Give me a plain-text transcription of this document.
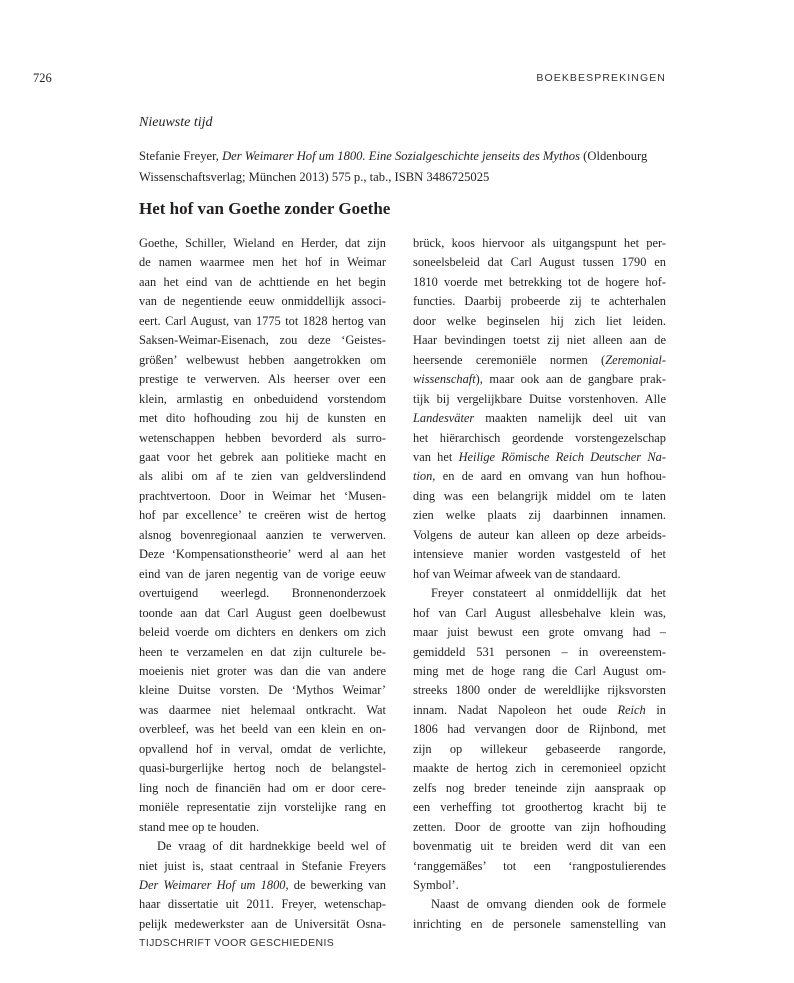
726	BOEKBESPREKINGEN
Nieuwste tijd
Stefanie Freyer, Der Weimarer Hof um 1800. Eine Sozialgeschichte jenseits des Mythos (Oldenbourg
Wissenschaftsverlag; München 2013) 575 p., tab., ISBN 3486725025
Het hof van Goethe zonder Goethe

Goethe, Schiller, Wieland en Herder, dat zijn
de namen waarmee men het hof in Weimar
aan het eind van de achttiende en het begin
van de negentiende eeuw onmiddellijk associ-
eert. Carl August, van 1775 tot 1828 hertog van
Saksen-Weimar-Eisenach, zou deze ‘Geistes-
größen’ welbewust hebben aangetrokken om
prestige te verwerven. Als heerser over een
klein, armlastig en onbeduidend vorstendom
met dito hofhouding zou hij de kunsten en
wetenschappen hebben bevorderd als surro-
gaat voor het gebrek aan politieke macht en
als alibi om af te zien van geldverslindend
prachtvertoon. Door in Weimar het ‘Musen-
hof par excellence’ te creëren wist de hertog
alsnog bovenregionaal aanzien te verwerven.
Deze ‘Kompensationstheorie’ werd al aan het
eind van de jaren negentig van de vorige eeuw
overtuigend weerlegd. Bronnenonderzoek
toonde aan dat Carl August geen doelbewust
beleid voerde om dichters en denkers om zich
heen te verzamelen en dat zijn culturele be-
moeienis niet groter was dan die van andere
kleine Duitse vorsten. De ‘Mythos Weimar’
was daarmee niet helemaal ontkracht. Wat
overbleef, was het beeld van een klein en on-
opvallend hof in verval, omdat de verlichte,
quasi-burgerlijke hertog noch de belangstel-
ling noch de financiën had om er door cere-
moniële representatie zijn vorstelijke rang en
stand mee op te houden.

De vraag of dit hardnekkige beeld wel of
niet juist is, staat centraal in Stefanie Freyers
Der Weimarer Hof um 1800, de bewerking van
haar dissertatie uit 2011. Freyer, wetenschap-
pelijk medewerkster aan de Universität Osna-

brück, koos hiervoor als uitgangspunt het per-
soneelsbeleid dat Carl August tussen 1790 en
1810 voerde met betrekking tot de hogere hof-
functies. Daarbij probeerde zij te achterhalen
door welke beginselen hij zich liet leiden.
Haar bevindingen toetst zij niet alleen aan de
heersende ceremoniële normen (Zeremonial-
wissenschaft), maar ook aan de gangbare prak-
tijk bij vergelijkbare Duitse vorstenhoven. Alle
Landesväter maakten namelijk deel uit van
het hiërarchisch geordende vorstengezelschap
van het Heilige Römische Reich Deutscher Na-
tion, en de aard en omvang van hun hofhou-
ding was een belangrijk middel om te laten
zien welke plaats zij daarbinnen innamen.
Volgens de auteur kan alleen op deze arbeids-
intensieve manier worden vastgesteld of het
hof van Weimar afweek van de standaard.

Freyer constateert al onmiddellijk dat het
hof van Carl August allesbehalve klein was,
maar juist bewust een grote omvang had –
gemiddeld 531 personen – in overeenstem-
ming met de hoge rang die Carl August om-
streeks 1800 onder de wereldlijke rijksvorsten
innam. Nadat Napoleon het oude Reich in
1806 had vervangen door de Rijnbond, met
zijn op willekeur gebaseerde rangorde,
maakte de hertog zich in ceremonieel opzicht
zelfs nog breder teneinde zijn aanspraak op
een verheffing tot groothertog kracht bij te
zetten. Door de grootte van zijn hofhouding
bovenmatig uit te breiden werd dit van een
‘ranggemäßes’ tot een ‘rangpostulierendes
Symbol’.

Naast de omvang dienden ook de formele
inrichting en de personele samenstelling van

TIJDSCHRIFT VOOR GESCHIEDENIS
